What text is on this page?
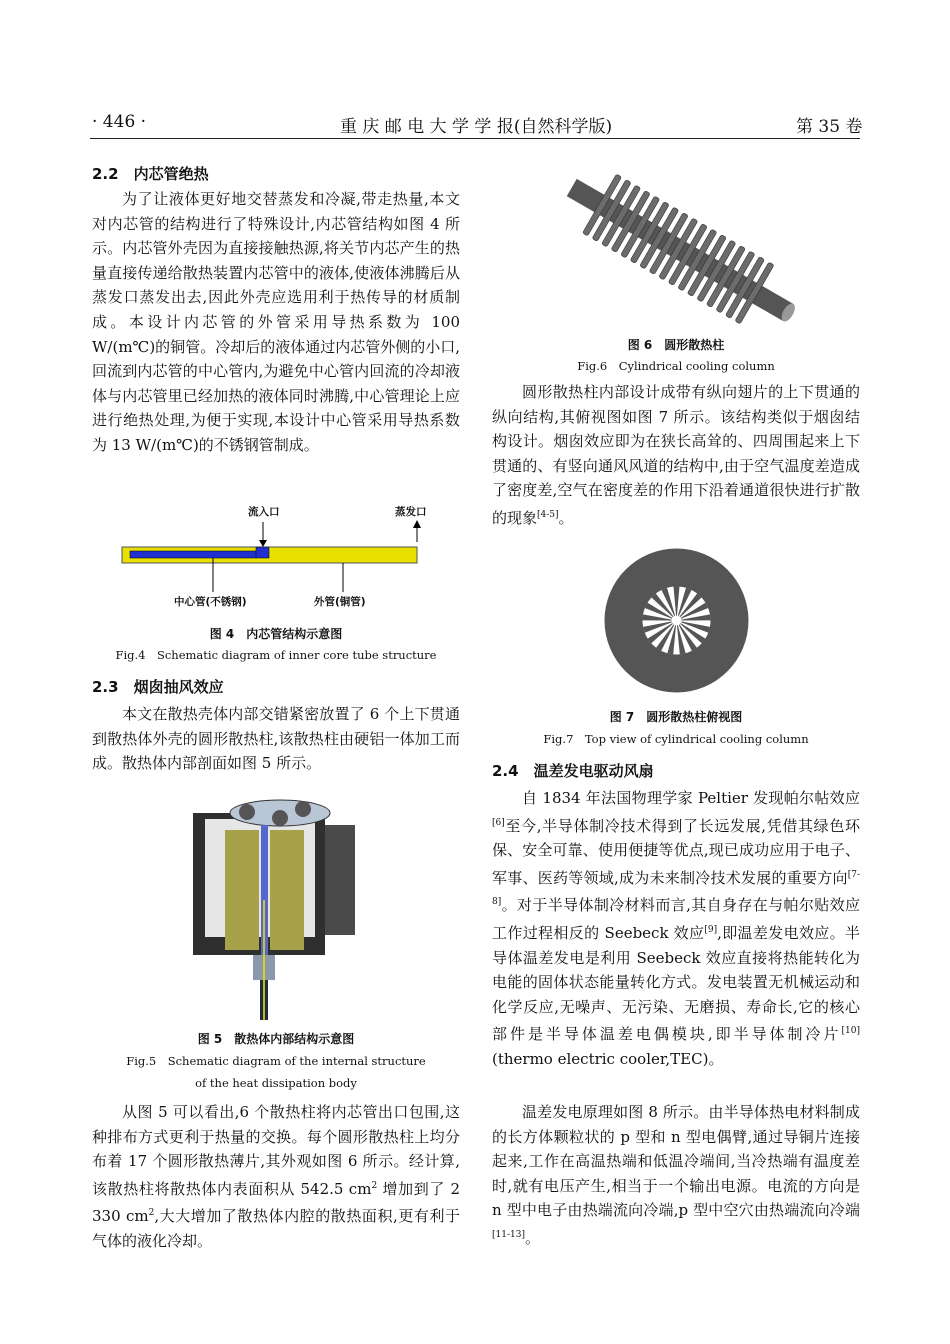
· 446 ·	重 庆 邮 电 大 学 学 报(自然科学版)	第 35 卷
2.2　内芯管绝热

为了让液体更好地交替蒸发和冷凝,带走热量,本文对内芯管的结构进行了特殊设计,内芯管结构如图 4 所示。内芯管外壳因为直接接触热源,将关节内芯产生的热量直接传递给散热装置内芯管中的液体,使液体沸腾后从蒸发口蒸发出去,因此外壳应选用利于热传导的材质制成。本设计内芯管的外管采用导热系数为 100 W/(m℃)的铜管。冷却后的液体通过内芯管外侧的小口,回流到内芯管的中心管内,为避免中心管内回流的冷却液体与内芯管里已经加热的液体同时沸腾,中心管理论上应进行绝热处理,为便于实现,本设计中心管采用导热系数为 13 W/(m℃)的不锈钢管制成。

流入口	蒸发口
中心管(不锈钢)	外管(铜管)
图 4　内芯管结构示意图
Fig.4　Schematic diagram of inner core tube structure
2.3　烟囱抽风效应

本文在散热壳体内部交错紧密放置了 6 个上下贯通到散热体外壳的圆形散热柱,该散热柱由硬铝一体加工而成。散热体内部剖面如图 5 所示。

图 5　散热体内部结构示意图
Fig.5　Schematic diagram of the internal structure
of the heat dissipation body

从图 5 可以看出,6 个散热柱将内芯管出口包围,这种排布方式更利于热量的交换。每个圆形散热柱上均分布着 17 个圆形散热薄片,其外观如图 6 所示。经计算,该散热柱将散热体内表面积从 542.5 $cm^2$ 增加到了 2 330 $cm^2$,大大增加了散热体内腔的散热面积,更有利于气体的液化冷却。

图 6　圆形散热柱
Fig.6　Cylindrical cooling column

圆形散热柱内部设计成带有纵向翅片的上下贯通的纵向结构,其俯视图如图 7 所示。该结构类似于烟囱结构设计。烟囱效应即为在狭长高耸的、四周围起来上下贯通的、有竖向通风风道的结构中,由于空气温度差造成了密度差,空气在密度差的作用下沿着通道很快进行扩散的现象[4-5]。

图 7　圆形散热柱俯视图
Fig.7　Top view of cylindrical cooling column
2.4　温差发电驱动风扇

自 1834 年法国物理学家 Peltier 发现帕尔帖效应[6]至今,半导体制冷技术得到了长远发展,凭借其绿色环保、安全可靠、使用便捷等优点,现已成功应用于电子、军事、医药等领域,成为未来制冷技术发展的重要方向[7-8]。对于半导体制冷材料而言,其自身存在与帕尔贴效应工作过程相反的 Seebeck 效应[9],即温差发电效应。半导体温差发电是利用 Seebeck 效应直接将热能转化为电能的固体状态能量转化方式。发电装置无机械运动和化学反应,无噪声、无污染、无磨损、寿命长,它的核心部件是半导体温差电偶模块,即半导体制冷片[10](thermo electric cooler,TEC)。

温差发电原理如图 8 所示。由半导体热电材料制成的长方体颗粒状的 p 型和 n 型电偶臂,通过导铜片连接起来,工作在高温热端和低温冷端间,当冷热端有温度差时,就有电压产生,相当于一个输出电源。电流的方向是 n 型中电子由热端流向冷端,p 型中空穴由热端流向冷端[11-13]。
